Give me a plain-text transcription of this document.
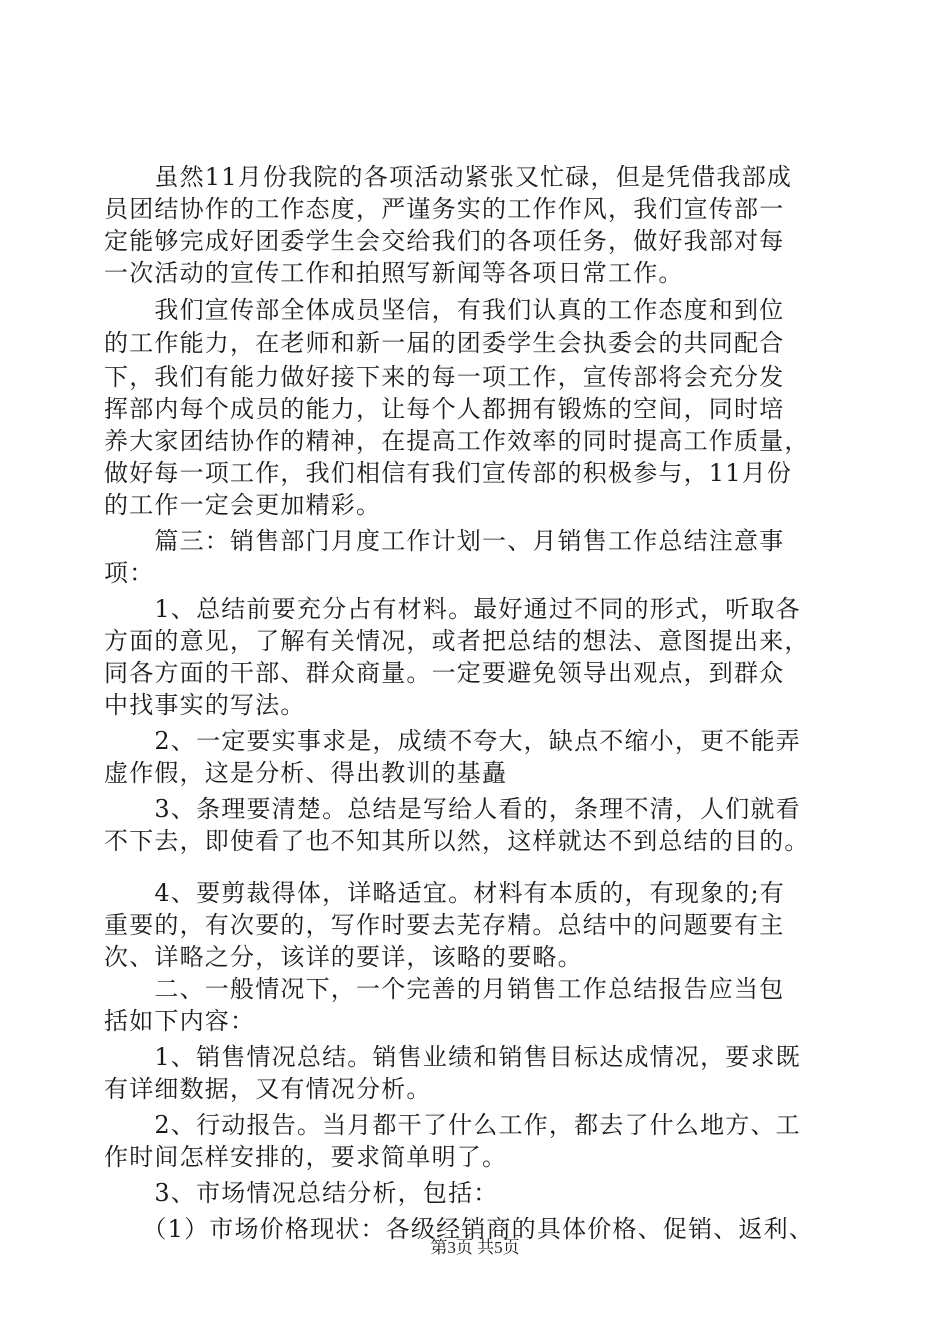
　　虽然11月份我院的各项活动紧张又忙碌，但是凭借我部成
员团结协作的工作态度，严谨务实的工作作风，我们宣传部一
定能够完成好团委学生会交给我们的各项任务，做好我部对每
一次活动的宣传工作和拍照写新闻等各项日常工作。
　　我们宣传部全体成员坚信，有我们认真的工作态度和到位
的工作能力，在老师和新一届的团委学生会执委会的共同配合
下，我们有能力做好接下来的每一项工作，宣传部将会充分发
挥部内每个成员的能力，让每个人都拥有锻炼的空间，同时培
养大家团结协作的精神，在提高工作效率的同时提高工作质量，
做好每一项工作，我们相信有我们宣传部的积极参与，11月份
的工作一定会更加精彩。
　　篇三：销售部门月度工作计划一、月销售工作总结注意事
项：
　　1、总结前要充分占有材料。最好通过不同的形式，听取各
方面的意见，了解有关情况，或者把总结的想法、意图提出来，
同各方面的干部、群众商量。一定要避免领导出观点，到群众
中找事实的写法。
　　2、一定要实事求是，成绩不夸大，缺点不缩小，更不能弄
虚作假，这是分析、得出教训的基矗
　　3、条理要清楚。总结是写给人看的，条理不清，人们就看
不下去，即使看了也不知其所以然，这样就达不到总结的目的。
　　4、要剪裁得体，详略适宜。材料有本质的，有现象的;有
重要的，有次要的，写作时要去芜存精。总结中的问题要有主
次、详略之分，该详的要详，该略的要略。
　　二、一般情况下，一个完善的月销售工作总结报告应当包
括如下内容：
　　1、销售情况总结。销售业绩和销售目标达成情况，要求既
有详细数据，又有情况分析。
　　2、行动报告。当月都干了什么工作，都去了什么地方、工
作时间怎样安排的，要求简单明了。
　　3、市场情况总结分析，包括：
　　（1）市场价格现状：各级经销商的具体价格、促销、返利、
第3页 共5页
